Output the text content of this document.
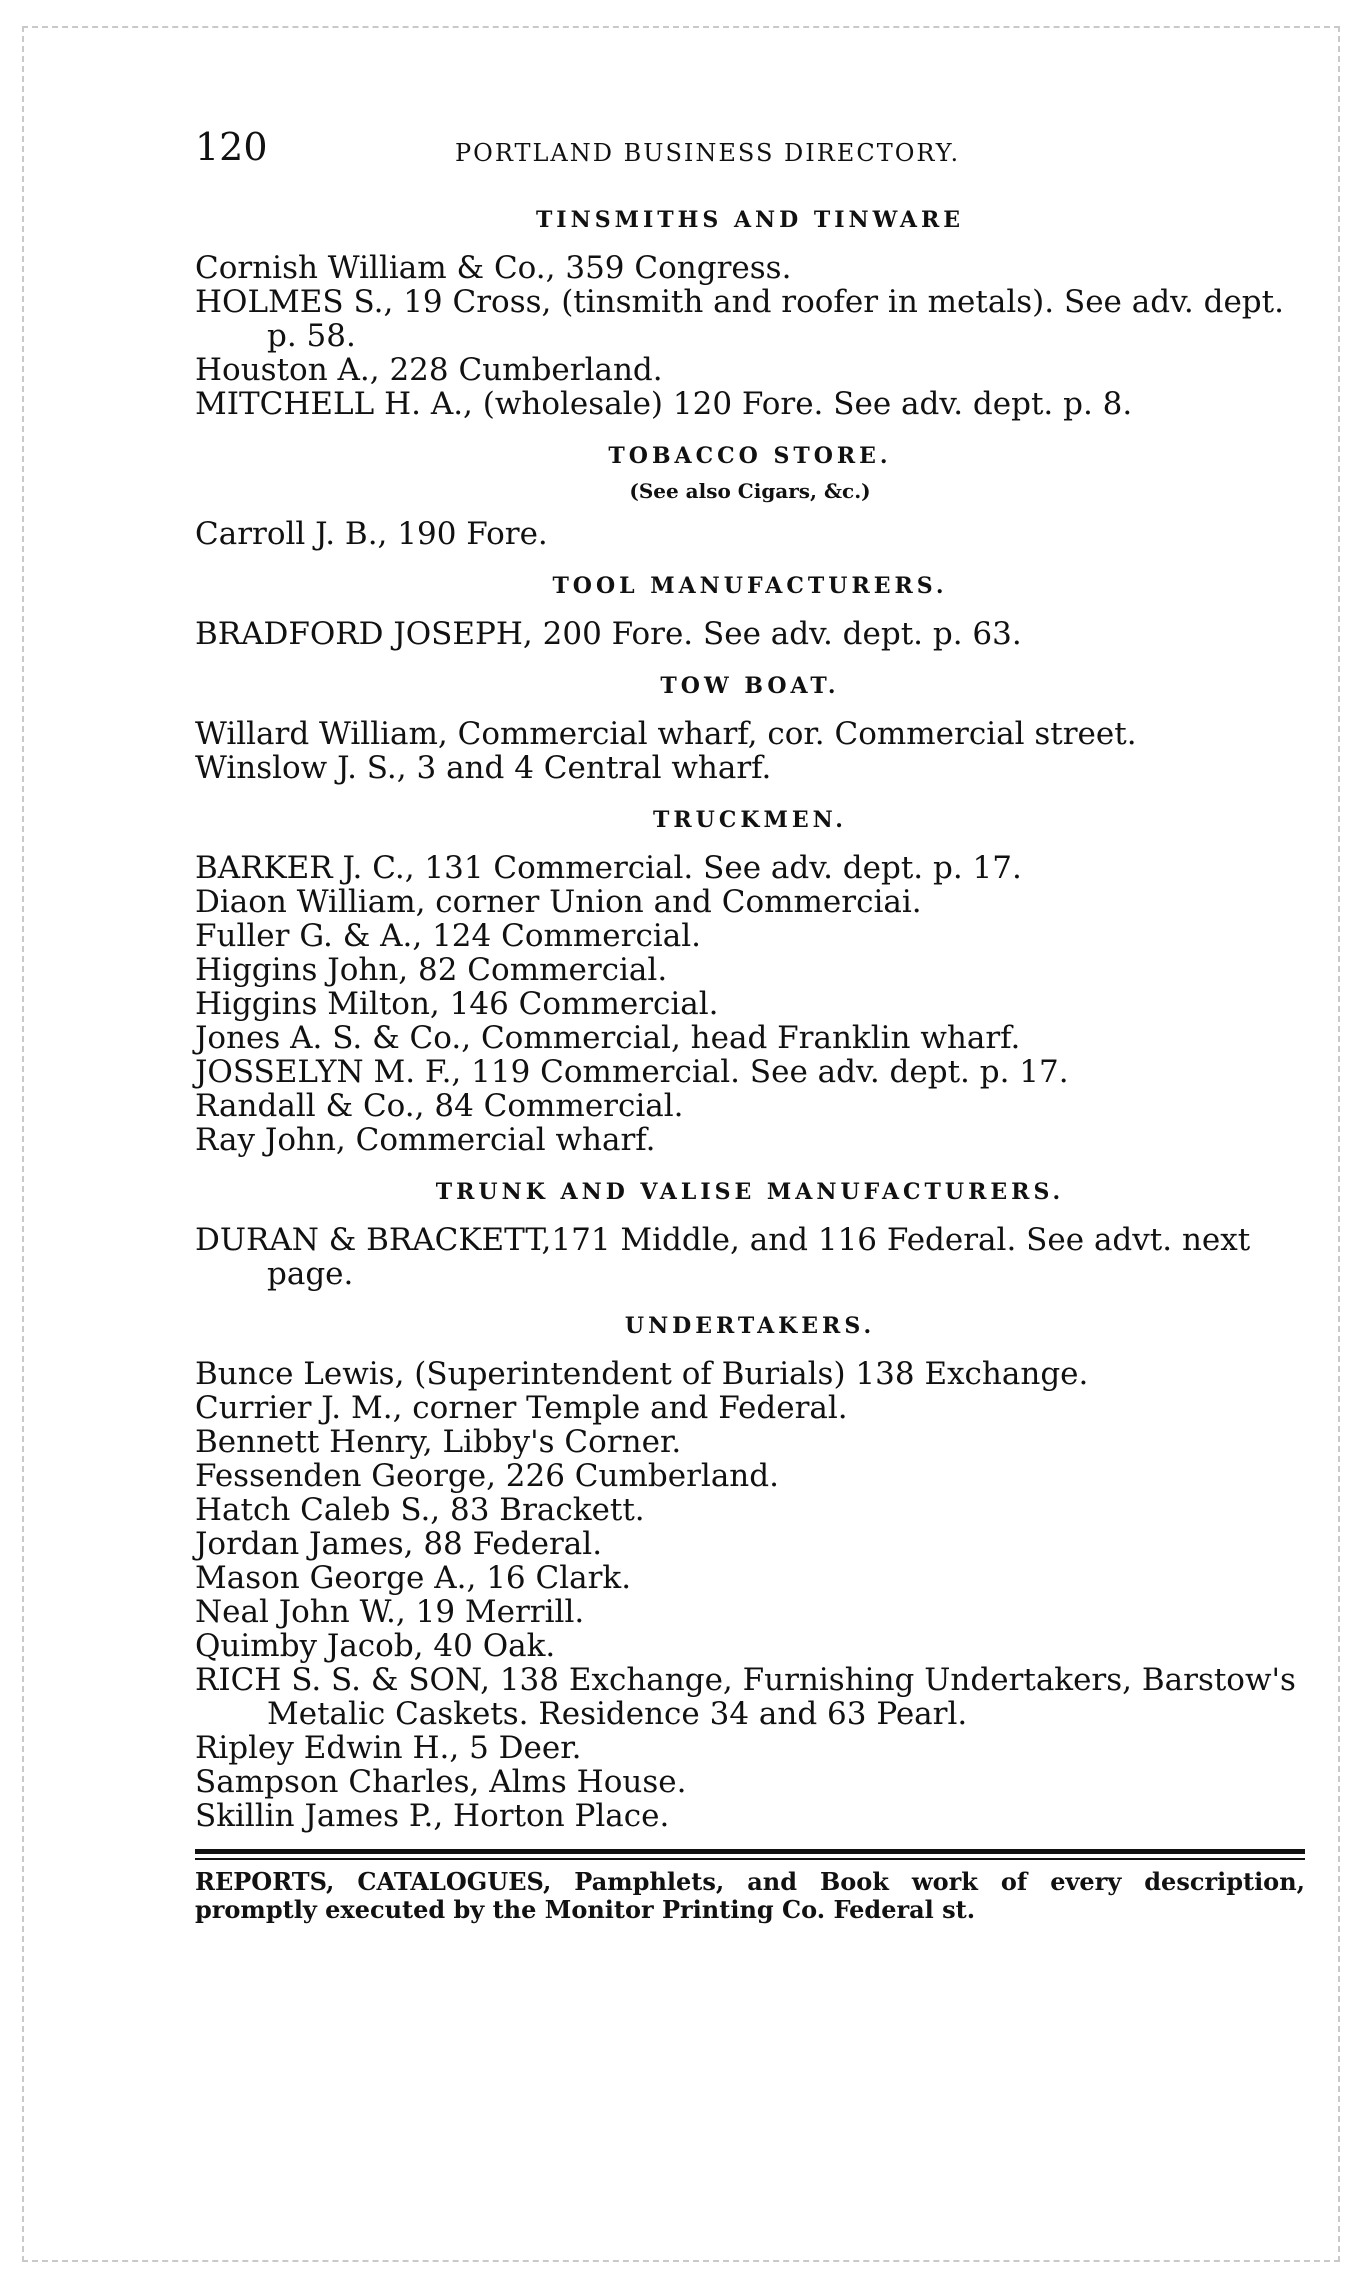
120	PORTLAND BUSINESS DIRECTORY.
TINSMITHS AND TINWARE
Cornish William & Co., 359 Congress.
HOLMES S., 19 Cross, (tinsmith and roofer in metals). See adv. dept. p. 58.
Houston A., 228 Cumberland.
MITCHELL H. A., (wholesale) 120 Fore. See adv. dept. p. 8.
TOBACCO STORE.
(See also Cigars, &c.)
Carroll J. B., 190 Fore.
TOOL MANUFACTURERS.
BRADFORD JOSEPH, 200 Fore. See adv. dept. p. 63.
TOW BOAT.
Willard William, Commercial wharf, cor. Commercial street.
Winslow J. S., 3 and 4 Central wharf.
TRUCKMEN.
BARKER J. C., 131 Commercial. See adv. dept. p. 17.
Diaon William, corner Union and Commerciai.
Fuller G. & A., 124 Commercial.
Higgins John, 82 Commercial.
Higgins Milton, 146 Commercial.
Jones A. S. & Co., Commercial, head Franklin wharf.
JOSSELYN M. F., 119 Commercial. See adv. dept. p. 17.
Randall & Co., 84 Commercial.
Ray John, Commercial wharf.
TRUNK AND VALISE MANUFACTURERS.
DURAN & BRACKETT,171 Middle, and 116 Federal. See advt. next page.
UNDERTAKERS.
Bunce Lewis, (Superintendent of Burials) 138 Exchange.
Currier J. M., corner Temple and Federal.
Bennett Henry, Libby's Corner.
Fessenden George, 226 Cumberland.
Hatch Caleb S., 83 Brackett.
Jordan James, 88 Federal.
Mason George A., 16 Clark.
Neal John W., 19 Merrill.
Quimby Jacob, 40 Oak.
RICH S. S. & SON, 138 Exchange, Furnishing Undertakers, Barstow's Metalic Caskets. Residence 34 and 63 Pearl.
Ripley Edwin H., 5 Deer.
Sampson Charles, Alms House.
Skillin James P., Horton Place.
REPORTS, CATALOGUES, Pamphlets, and Book work of every description, promptly executed by the Monitor Printing Co. Federal st.
